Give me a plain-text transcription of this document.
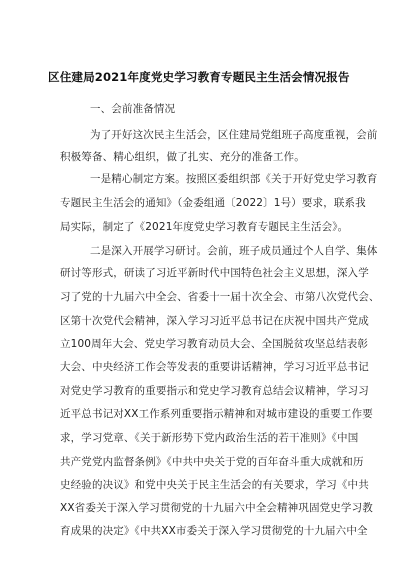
区住建局2021年度党史学习教育专题民主生活会情况报告
一、会前准备情况

为了开好这次民主生活会，区住建局党组班子高度重视，会前

积极筹备、精心组织，做了扎实、充分的准备工作。

一是精心制定方案。按照区委组织部《关于开好党史学习教育

专题民主生活会的通知》（金委组通〔2022〕1号）要求，联系我

局实际，制定了《2021年度党史学习教育专题民主生活会》。

二是深入开展学习研讨。会前，班子成员通过个人自学、集体

研讨等形式，研读了习近平新时代中国特色社会主义思想，深入学

习了党的十九届六中全会、省委十一届十次全会、市第八次党代会、

区第十次党代会精神，深入学习习近平总书记在庆祝中国共产党成

立100周年大会、党史学习教育动员大会、全国脱贫攻坚总结表彰

大会、中央经济工作会等发表的重要讲话精神，学习习近平总书记

对党史学习教育的重要指示和党史学习教育总结会议精神，学习习

近平总书记对XX工作系列重要指示精神和对城市建设的重要工作要

求，学习党章、《关于新形势下党内政治生活的若干准则》《中国

共产党党内监督条例》《中共中央关于党的百年奋斗重大成就和历

史经验的决议》和党中央关于民主生活会的有关要求，学习《中共

XX省委关于深入学习贯彻党的十九届六中全会精神巩固党史学习教

育成果的决定》《中共XX市委关于深入学习贯彻党的十九届六中全
